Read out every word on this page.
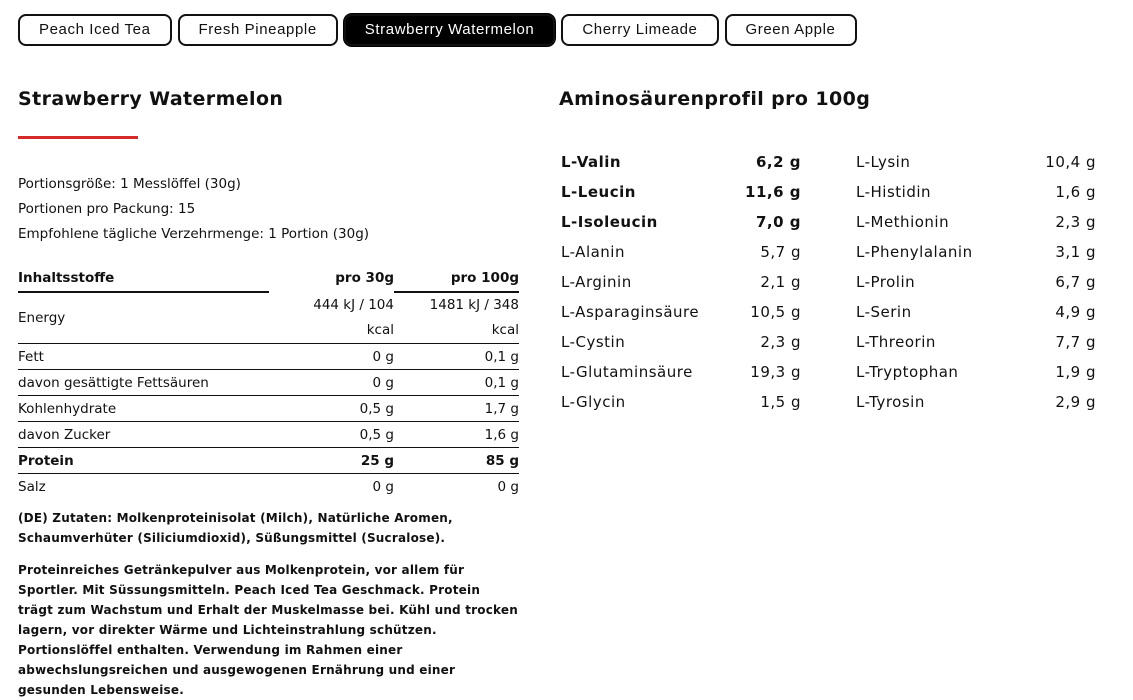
Peach Iced Tea	Fresh Pineapple	Strawberry Watermelon	Cherry Limeade	Green Apple
Strawberry Watermelon
Portionsgröße: 1 Messlöffel (30g)
Portionen pro Packung: 15
Empfohlene tägliche Verzehrmenge: 1 Portion (30g)
Inhaltsstoffe	pro 30g	pro 100g
Energy	444 kJ / 104 kcal	1481 kJ / 348 kcal
Fett	0 g	0,1 g
davon gesättigte Fettsäuren	0 g	0,1 g
Kohlenhydrate	0,5 g	1,7 g
davon Zucker	0,5 g	1,6 g
Protein	25 g	85 g
Salz	0 g	0 g

(DE) Zutaten: Molkenproteinisolat (Milch), Natürliche Aromen, Schaumverhüter (Siliciumdioxid), Süßungsmittel (Sucralose).

Proteinreiches Getränkepulver aus Molkenprotein, vor allem für Sportler. Mit Süssungsmitteln. Peach Iced Tea Geschmack. Protein trägt zum Wachstum und Erhalt der Muskelmasse bei. Kühl und trocken lagern, vor direkter Wärme und Lichteinstrahlung schützen. Portionslöffel enthalten. Verwendung im Rahmen einer abwechslungsreichen und ausgewogenen Ernährung und einer gesunden Lebensweise.

Aminosäurenprofil pro 100g
L-Valin	6,2 g
L-Leucin	11,6 g
L-Isoleucin	7,0 g
L-Alanin	5,7 g
L-Arginin	2,1 g
L-Asparaginsäure	10,5 g
L-Cystin	2,3 g
L-Glutaminsäure	19,3 g
L-Glycin	1,5 g
L-Lysin	10,4 g
L-Histidin	1,6 g
L-Methionin	2,3 g
L-Phenylalanin	3,1 g
L-Prolin	6,7 g
L-Serin	4,9 g
L-Threorin	7,7 g
L-Tryptophan	1,9 g
L-Tyrosin	2,9 g
